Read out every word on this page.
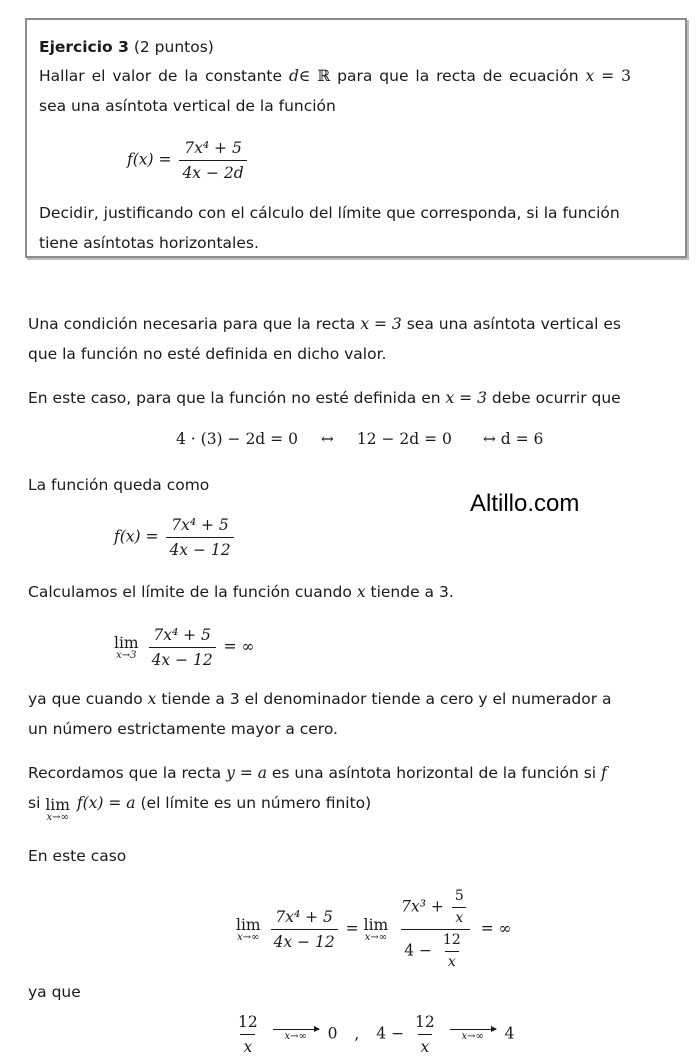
Ejercicio 3 (2 puntos)
Hallar el valor de la constante d∈ ℝ para que la recta de ecuación x = 3
sea una asíntota vertical de la función
$f(x) = \frac{\text{7x⁴ + 5}}{4x - 2d}$
Decidir, justificando con el cálculo del límite que corresponda, si la función
tiene asíntotas horizontales.
Una condición necesaria para que la recta x = 3 sea una asíntota vertical es
que la función no esté definida en dicho valor.
En este caso, para que la función no esté definida en x = 3 debe ocurrir que
4 · (3) − 2d = 0 ↔ 12 − 2d = 0 ↔ d = 6
La función queda como
$f(x) = \frac{\text{7x⁴ + 5}}{4x - 12}$
Altillo.com
Calculamos el límite de la función cuando x tiende a 3.
lim
x→3
$\frac{\text{7x⁴ + 5}}{4x - 12}$ = ∞
ya que cuando x tiende a 3 el denominador tiende a cero y el numerador a
un número estrictamente mayor a cero.
Recordamos que la recta y = a es una asíntota horizontal de la función si f
si lim
x→∞
f(x) = a (el límite es un número finito)
En este caso
lim
x→∞
$\frac{\text{7x⁴ + 5}}{4x - 12} = \lim$
x→∞
$\frac{7x^3 + \frac{5}{x}}{4 - \frac{12}{x}}$ = ∞
ya que
$\frac{12}{x}$
x→∞ 0 , $4 - \frac{12}{x}$
x→∞ 4
